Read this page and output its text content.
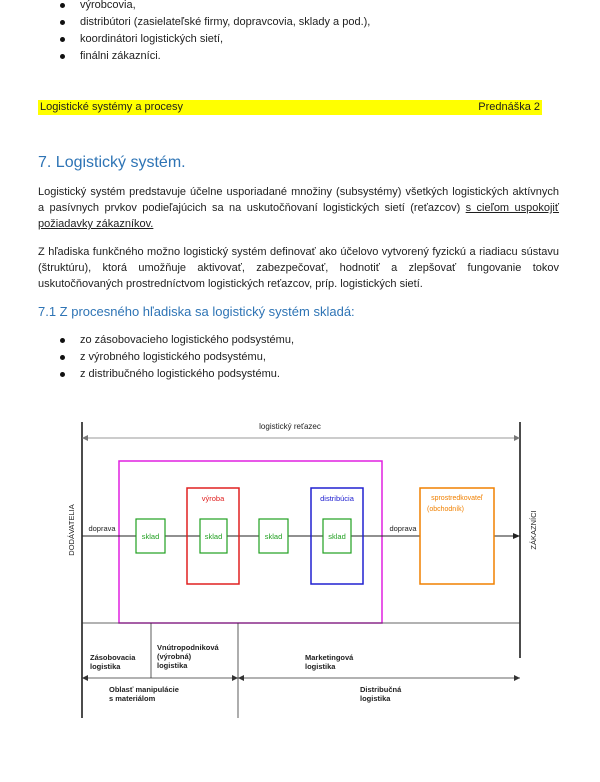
výrobcovia,
distribútori (zasielateľské firmy, dopravcovia, sklady a pod.),
koordinátori logistických sietí,
finálni zákazníci.
Logistické systémy a procesy	Prednáška 2
7. Logistický systém.

Logistický systém predstavuje účelne usporiadané množiny (subsystémy) všetkých logistických aktívnych a pasívnych prvkov podieľajúcich sa na uskutočňovaní logistických sietí (reťazcov) s cieľom uspokojiť požiadavky zákazníkov.

Z hľadiska funkčného možno logistický systém definovať ako účelovo vytvorený fyzickú a riadiacu sústavu (štruktúru), ktorá umožňuje aktivovať, zabezpečovať, hodnotiť a zlepšovať fungovanie tokov uskutočňovaných prostredníctvom logistických reťazcov, príp. logistických sietí.

7.1 Z procesného hľadiska sa logistický systém skladá:
zo zásobovacieho logistického podsystému,
z výrobného logistického podsystému,
z distribučného logistického podsystému.
logistický reťazec
DODÁVATELIA	ZÁKAZNÍCI
doprava	doprava
sklad
výroba
sklad	sklad
distribúcia
sklad
sprostredkovateľ
(obchodník)
Zásobovacia logistika
Vnútropodniková (výrobná) logistika
Marketingová logistika
Oblasť manipulácie s materiálom
Distribučná logistika
